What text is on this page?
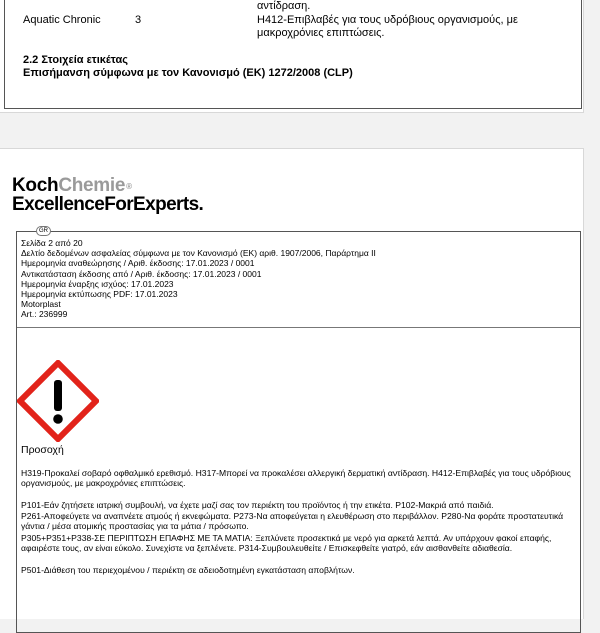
αντίδραση.
Aquatic Chronic	3	H412-Επιβλαβές για τους υδρόβιους οργανισμούς, με
μακροχρόνιες επιπτώσεις.
2.2 Στοιχεία ετικέτας
Επισήμανση σύμφωνα με τον Κανονισμό (ΕΚ) 1272/2008 (CLP)
KochChemie®
ExcellenceForExperts.
GR
Σελίδα 2 από 20
Δελτίο δεδομένων ασφαλείας σύμφωνα με τον Κανονισμό (ΕΚ) αριθ. 1907/2006, Παράρτημα II
Ημερομηνία αναθεώρησης / Αριθ. έκδοσης: 17.01.2023 / 0001
Αντικατάσταση έκδοσης από / Αριθ. έκδοσης: 17.01.2023 / 0001
Ημερομηνία έναρξης ισχύος: 17.01.2023
Ημερομηνία εκτύπωσης PDF: 17.01.2023
Motorplast
Art.: 236999
Προσοχή
H319-Προκαλεί σοβαρό οφθαλμικό ερεθισμό. H317-Μπορεί να προκαλέσει αλλεργική δερματική αντίδραση. H412-Επιβλαβές για τους υδρόβιους οργανισμούς, με μακροχρόνιες επιπτώσεις.
P101-Εάν ζητήσετε ιατρική συμβουλή, να έχετε μαζί σας τον περιέκτη του προϊόντος ή την ετικέτα. P102-Μακριά από παιδιά.
P261-Αποφεύγετε να αναπνέετε ατμούς ή εκνεφώματα. P273-Να αποφεύγεται η ελευθέρωση στο περιβάλλον. P280-Να φοράτε προστατευτικά γάντια / μέσα ατομικής προστασίας για τα μάτια / πρόσωπο.
P305+P351+P338-ΣΕ ΠΕΡΙΠΤΩΣΗ ΕΠΑΦΗΣ ΜΕ ΤΑ ΜΑΤΙΑ: Ξεπλύνετε προσεκτικά με νερό για αρκετά λεπτά. Αν υπάρχουν φακοί επαφής, αφαιρέστε τους, αν είναι εύκολο. Συνεχίστε να ξεπλένετε. P314-Συμβουλευθείτε / Επισκεφθείτε γιατρό, εάν αισθανθείτε αδιαθεσία.
P501-Διάθεση του περιεχομένου / περιέκτη σε αδειοδοτημένη εγκατάσταση αποβλήτων.
